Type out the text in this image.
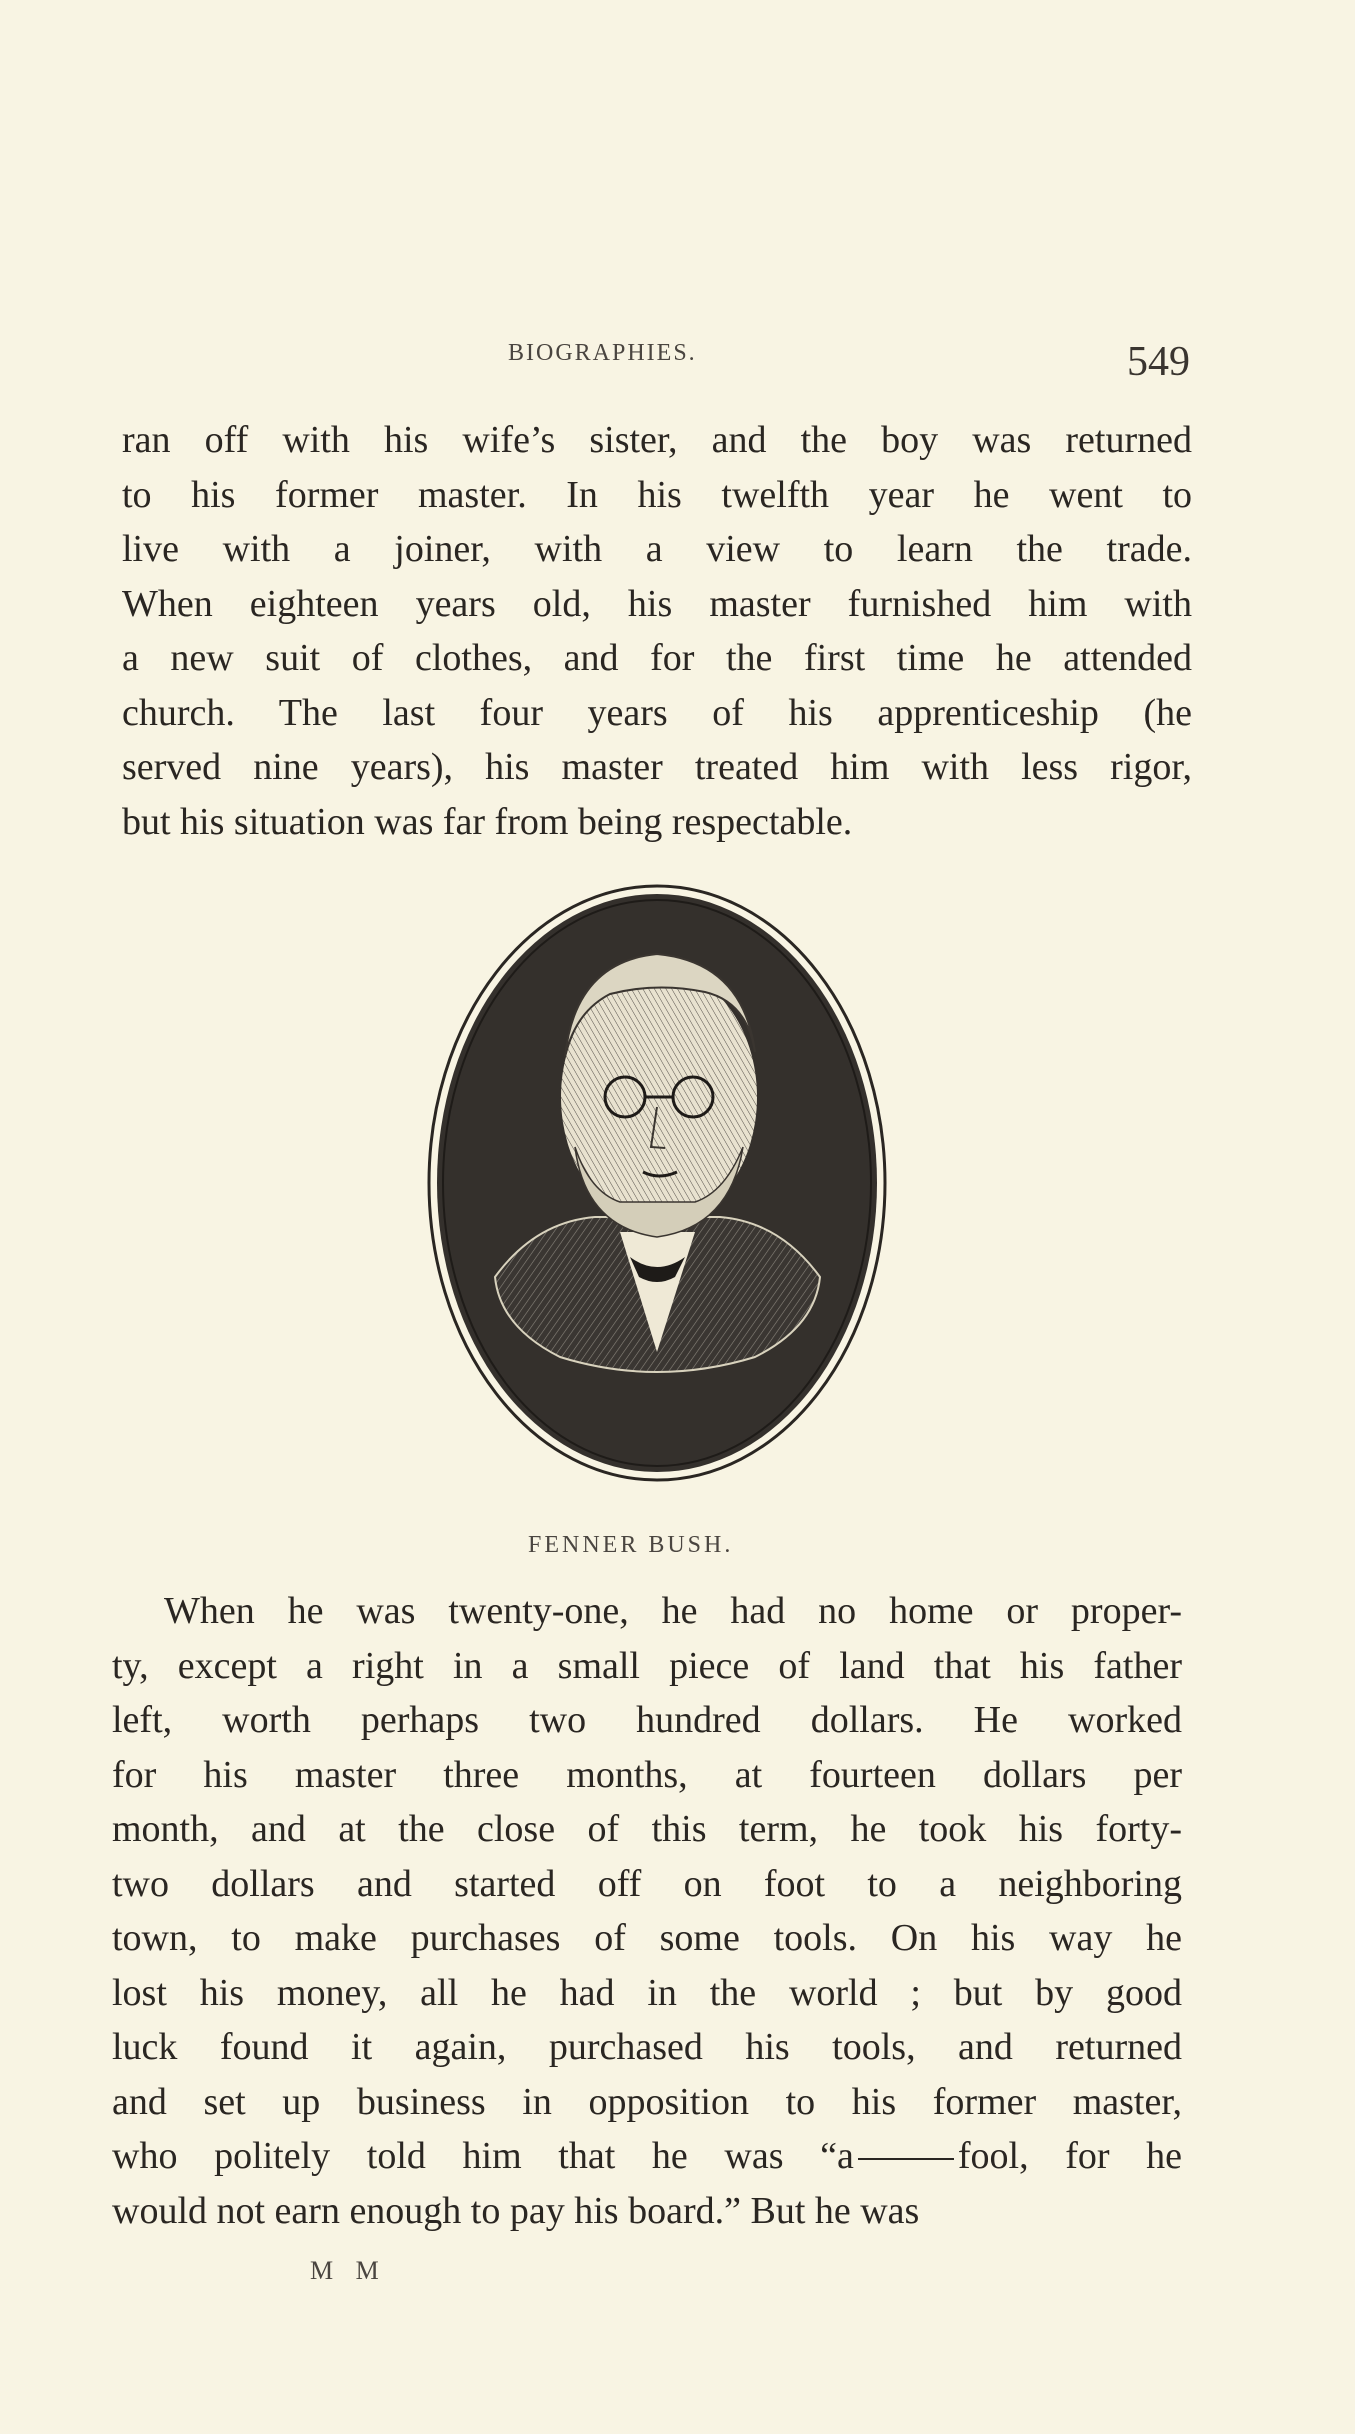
BIOGRAPHIES.	549
ran off with his wife’s sister, and the boy was returned
to his former master. In his twelfth year he went to
live with a joiner, with a view to learn the trade.
When eighteen years old, his master furnished him with
a new suit of clothes, and for the first time he attended
church. The last four years of his apprenticeship (he
served nine years), his master treated him with less rigor,
but his situation was far from being respectable.
FENNER BUSH.
When he was twenty-one, he had no home or proper-
ty, except a right in a small piece of land that his father
left, worth perhaps two hundred dollars. He worked
for his master three months, at fourteen dollars per
month, and at the close of this term, he took his forty-
two dollars and started off on foot to a neighboring
town, to make purchases of some tools. On his way he
lost his money, all he had in the world ; but by good
luck found it again, purchased his tools, and returned
and set up business in opposition to his former master,
who politely told him that he was “a	fool, for he
would not earn enough to pay his board.” But he was
M M
